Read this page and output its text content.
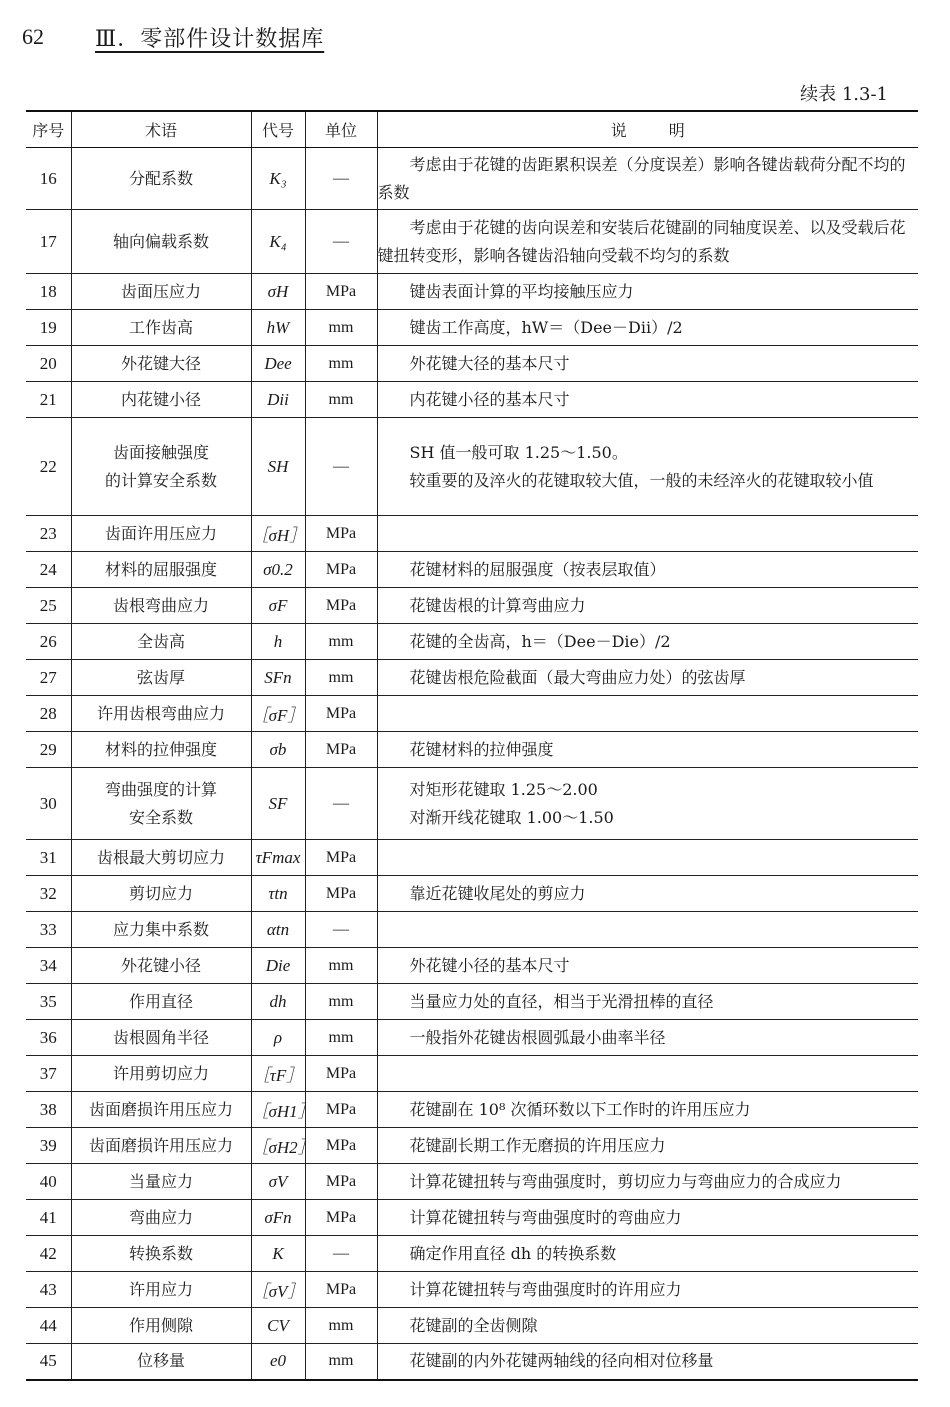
62 Ⅲ．零部件设计数据库
续表 1.3-1
序号	术语	代号	单位	说明
16	分配系数	K₃	—	考虑由于花键的齿距累积误差（分度误差）影响各键齿载荷分配不均的系数

17	轴向偏载系数	K₄	—	考虑由于花键的齿向误差和安装后花键副的同轴度误差、以及受载后花键扭转变形，影响各键齿沿轴向受载不均匀的系数

18	齿面压应力	σH	MPa	键齿表面计算的平均接触压应力

19	工作齿高	hW	mm	键齿工作高度，hW＝（Dee－Dii）/2

20	外花键大径	Dee	mm	外花键大径的基本尺寸

21	内花键小径	Dii	mm	内花键小径的基本尺寸

22	齿面接触强度
的计算安全系数	SH	—	SH 值一般可取 1.25～1.50。
较重要的及淬火的花键取较大值，一般的未经淬火的花键取较小值

23	齿面许用压应力	［σH］	MPa	

24	材料的屈服强度	σ0.2	MPa	花键材料的屈服强度（按表层取值）

25	齿根弯曲应力	σF	MPa	花键齿根的计算弯曲应力

26	全齿高	h	mm	花键的全齿高，h＝（Dee－Die）/2

27	弦齿厚	SFn	mm	花键齿根危险截面（最大弯曲应力处）的弦齿厚

28	许用齿根弯曲应力	［σF］	MPa	

29	材料的拉伸强度	σb	MPa	花键材料的拉伸强度

30	弯曲强度的计算
安全系数	SF	—	对矩形花键取 1.25～2.00
对渐开线花键取 1.00～1.50

31	齿根最大剪切应力	τFmax	MPa	

32	剪切应力	τtn	MPa	靠近花键收尾处的剪应力

33	应力集中系数	αtn	—	

34	外花键小径	Die	mm	外花键小径的基本尺寸

35	作用直径	dh	mm	当量应力处的直径，相当于光滑扭棒的直径

36	齿根圆角半径	ρ	mm	一般指外花键齿根圆弧最小曲率半径

37	许用剪切应力	［τF］	MPa	

38	齿面磨损许用压应力	［σH1］	MPa	花键副在 10⁸ 次循环数以下工作时的许用压应力

39	齿面磨损许用压应力	［σH2］	MPa	花键副长期工作无磨损的许用压应力

40	当量应力	σV	MPa	计算花键扭转与弯曲强度时，剪切应力与弯曲应力的合成应力

41	弯曲应力	σFn	MPa	计算花键扭转与弯曲强度时的弯曲应力

42	转换系数	K	—	确定作用直径 dh 的转换系数

43	许用应力	［σV］	MPa	计算花键扭转与弯曲强度时的许用应力

44	作用侧隙	CV	mm	花键副的全齿侧隙

45	位移量	e0	mm	花键副的内外花键两轴线的径向相对位移量
